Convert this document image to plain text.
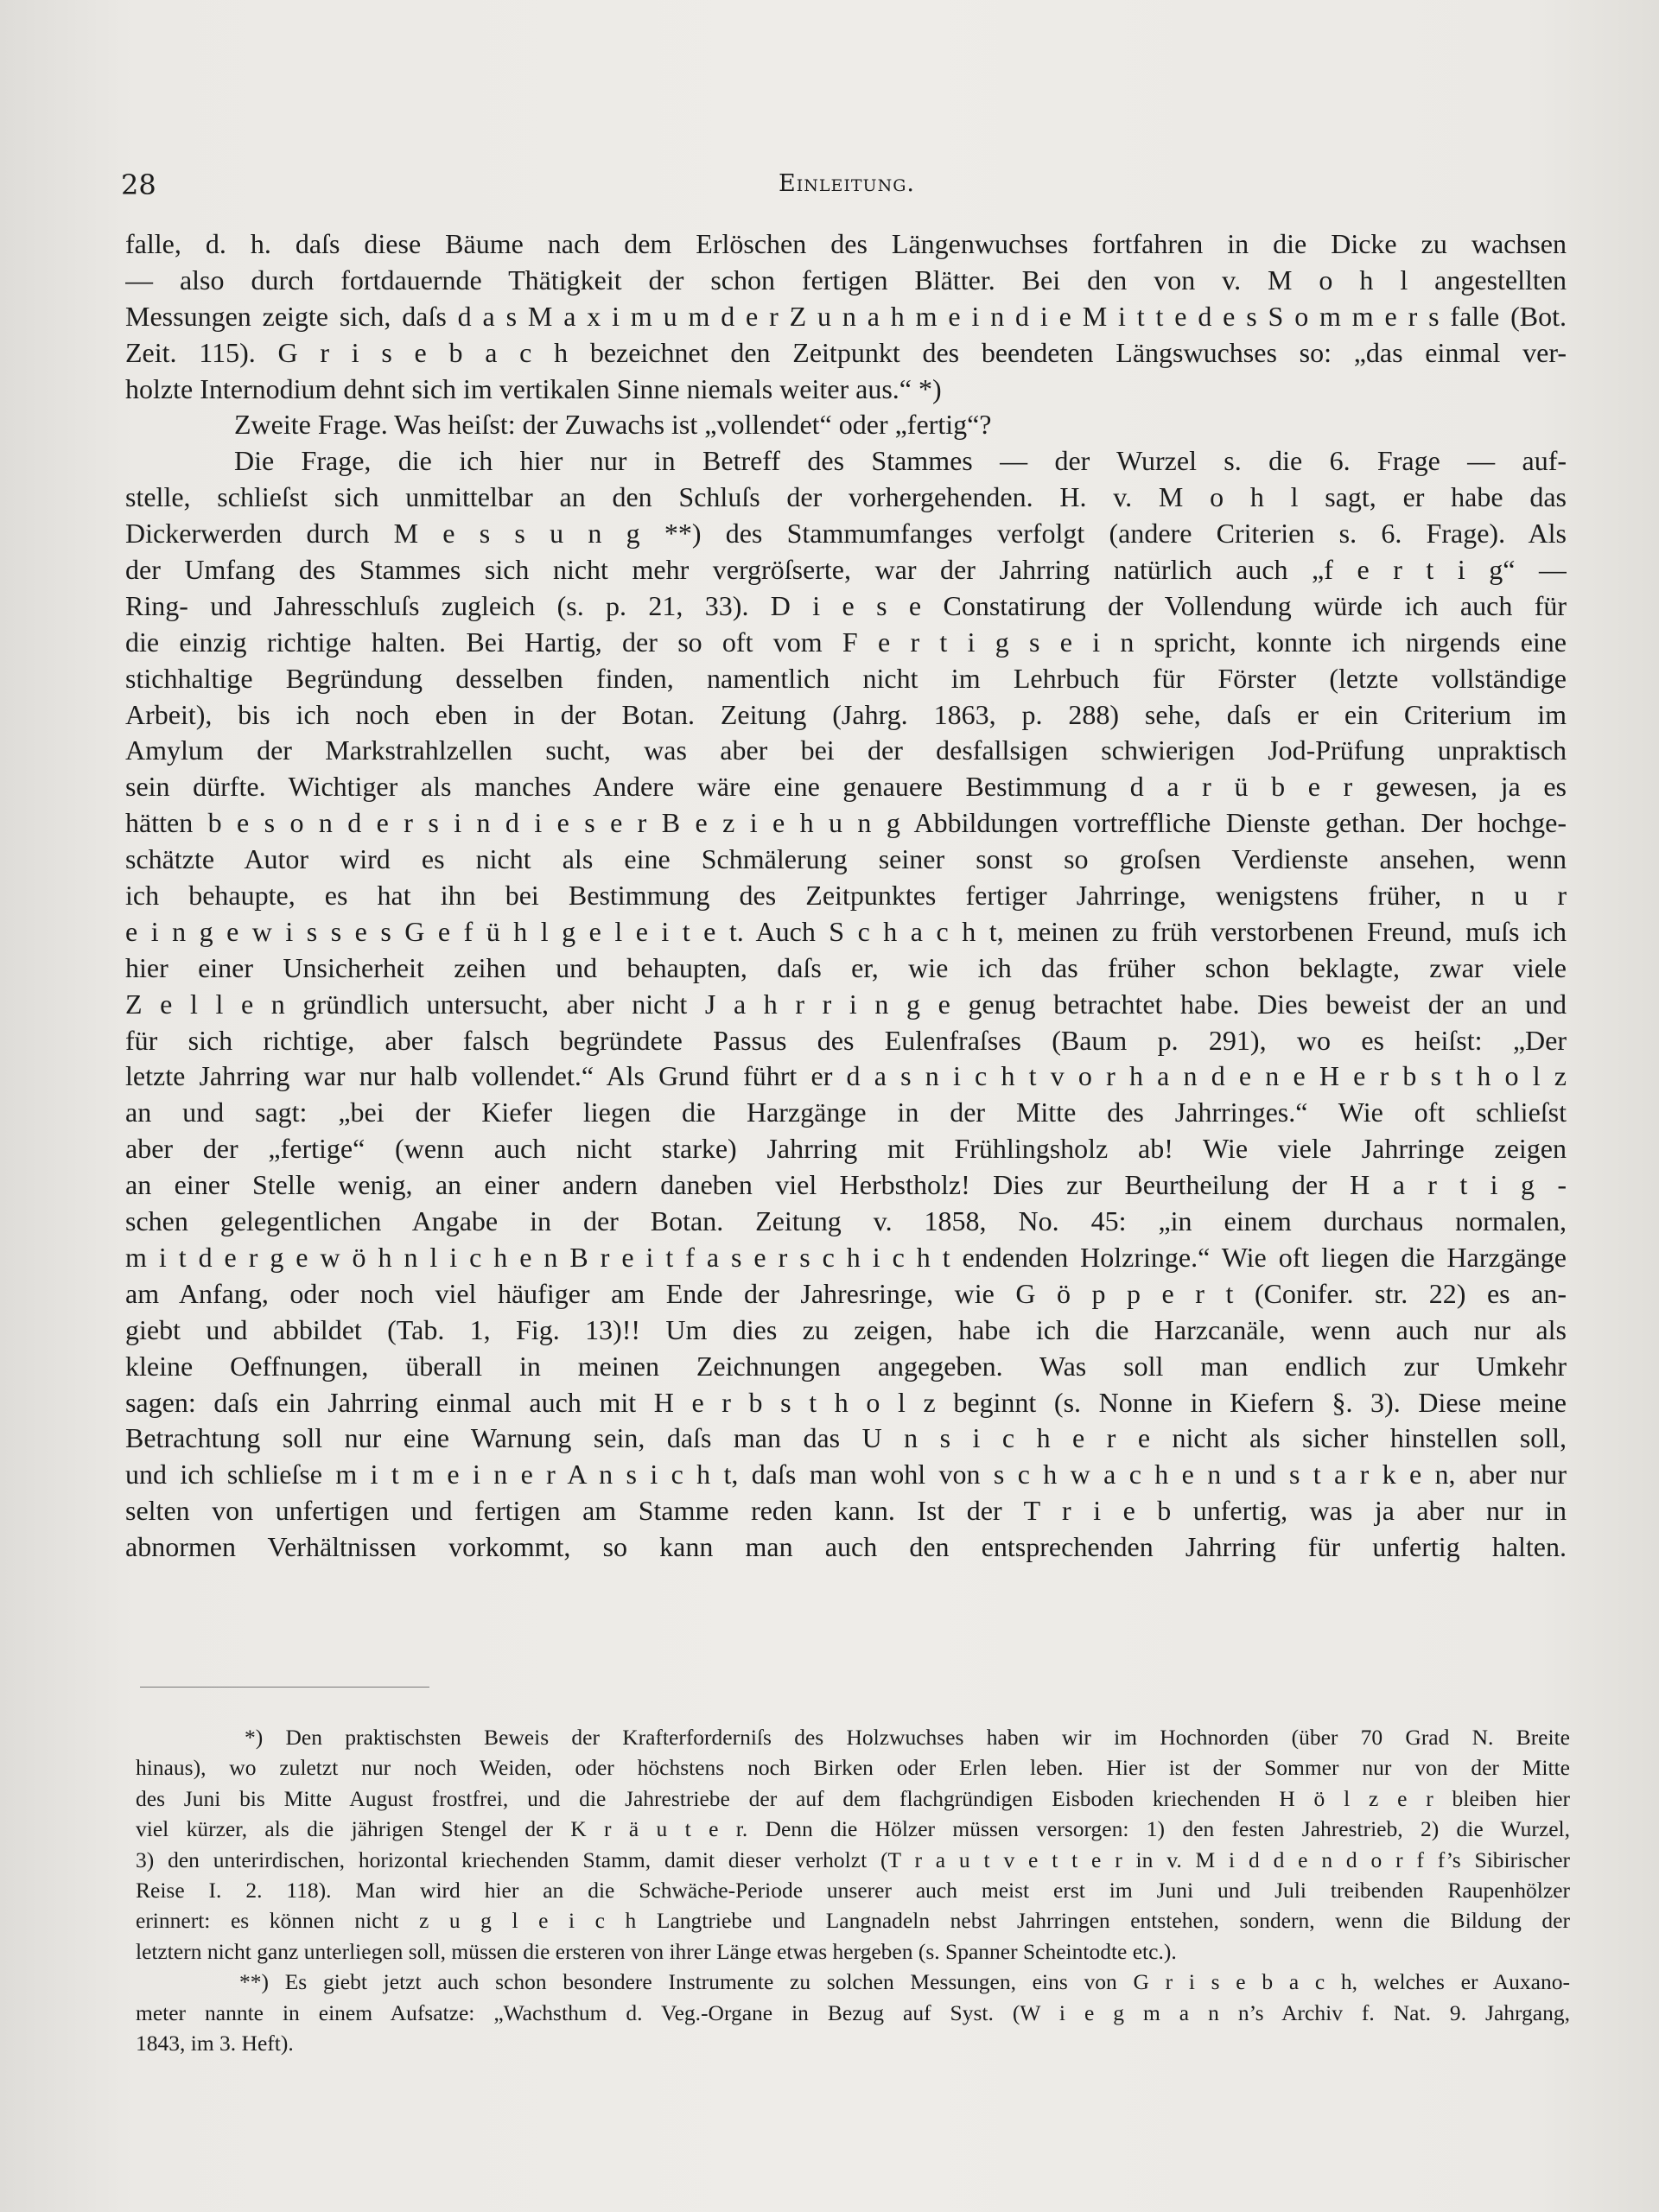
28	Einleitung.
falle, d. h. daſs diese Bäume nach dem Erlöschen des Längenwuchses fortfahren in die Dicke zu wachsen
— also durch fortdauernde Thätigkeit der schon fertigen Blätter. Bei den von v. M o h l angestellten
Messungen zeigte sich, daſs d a s M a x i m u m d e r Z u n a h m e i n d i e M i t t e d e s S o m m e r s falle (Bot.
Zeit. 115). G r i s e b a c h bezeichnet den Zeitpunkt des beendeten Längswuchses so: „das einmal ver-
holzte Internodium dehnt sich im vertikalen Sinne niemals weiter aus.“ *)
Zweite Frage. Was heiſst: der Zuwachs ist „vollendet“ oder „fertig“?
Die Frage, die ich hier nur in Betreff des Stammes — der Wurzel s. die 6. Frage — auf-
stelle, schlieſst sich unmittelbar an den Schluſs der vorhergehenden. H. v. M o h l sagt, er habe das
Dickerwerden durch M e s s u n g **) des Stammumfanges verfolgt (andere Criterien s. 6. Frage). Als
der Umfang des Stammes sich nicht mehr vergröſserte, war der Jahrring natürlich auch „f e r t i g“ —
Ring- und Jahresschluſs zugleich (s. p. 21, 33). D i e s e Constatirung der Vollendung würde ich auch für
die einzig richtige halten. Bei Hartig, der so oft vom F e r t i g s e i n spricht, konnte ich nirgends eine
stichhaltige Begründung desselben finden, namentlich nicht im Lehrbuch für Förster (letzte vollständige
Arbeit), bis ich noch eben in der Botan. Zeitung (Jahrg. 1863, p. 288) sehe, daſs er ein Criterium im
Amylum der Markstrahlzellen sucht, was aber bei der desfallsigen schwierigen Jod-Prüfung unpraktisch
sein dürfte. Wichtiger als manches Andere wäre eine genauere Bestimmung d a r ü b e r gewesen, ja es
hätten b e s o n d e r s i n d i e s e r B e z i e h u n g Abbildungen vortreffliche Dienste gethan. Der hochge-
schätzte Autor wird es nicht als eine Schmälerung seiner sonst so groſsen Verdienste ansehen, wenn
ich behaupte, es hat ihn bei Bestimmung des Zeitpunktes fertiger Jahrringe, wenigstens früher, n u r
e i n g e w i s s e s G e f ü h l g e l e i t e t. Auch S c h a c h t, meinen zu früh verstorbenen Freund, muſs ich
hier einer Unsicherheit zeihen und behaupten, daſs er, wie ich das früher schon beklagte, zwar viele
Z e l l e n gründlich untersucht, aber nicht J a h r r i n g e genug betrachtet habe. Dies beweist der an und
für sich richtige, aber falsch begründete Passus des Eulenfraſses (Baum p. 291), wo es heiſst: „Der
letzte Jahrring war nur halb vollendet.“ Als Grund führt er d a s n i c h t v o r h a n d e n e H e r b s t h o l z
an und sagt: „bei der Kiefer liegen die Harzgänge in der Mitte des Jahrringes.“ Wie oft schlieſst
aber der „fertige“ (wenn auch nicht starke) Jahrring mit Frühlingsholz ab! Wie viele Jahrringe zeigen
an einer Stelle wenig, an einer andern daneben viel Herbstholz! Dies zur Beurtheilung der H a r t i g -
schen gelegentlichen Angabe in der Botan. Zeitung v. 1858, No. 45: „in einem durchaus normalen,
m i t d e r g e w ö h n l i c h e n B r e i t f a s e r s c h i c h t endenden Holzringe.“ Wie oft liegen die Harzgänge
am Anfang, oder noch viel häufiger am Ende der Jahresringe, wie G ö p p e r t (Conifer. str. 22) es an-
giebt und abbildet (Tab. 1, Fig. 13)!! Um dies zu zeigen, habe ich die Harzcanäle, wenn auch nur als
kleine Oeffnungen, überall in meinen Zeichnungen angegeben. Was soll man endlich zur Umkehr
sagen: daſs ein Jahrring einmal auch mit H e r b s t h o l z beginnt (s. Nonne in Kiefern §. 3). Diese meine
Betrachtung soll nur eine Warnung sein, daſs man das U n s i c h e r e nicht als sicher hinstellen soll,
und ich schlieſse m i t m e i n e r A n s i c h t, daſs man wohl von s c h w a c h e n und s t a r k e n, aber nur
selten von unfertigen und fertigen am Stamme reden kann. Ist der T r i e b unfertig, was ja aber nur in
abnormen Verhältnissen vorkommt, so kann man auch den entsprechenden Jahrring für unfertig halten.
*) Den praktischsten Beweis der Krafterforderniſs des Holzwuchses haben wir im Hochnorden (über 70 Grad N. Breite
hinaus), wo zuletzt nur noch Weiden, oder höchstens noch Birken oder Erlen leben. Hier ist der Sommer nur von der Mitte
des Juni bis Mitte August frostfrei, und die Jahrestriebe der auf dem flachgründigen Eisboden kriechenden H ö l z e r bleiben hier
viel kürzer, als die jährigen Stengel der K r ä u t e r. Denn die Hölzer müssen versorgen: 1) den festen Jahrestrieb, 2) die Wurzel,
3) den unterirdischen, horizontal kriechenden Stamm, damit dieser verholzt (T r a u t v e t t e r in v. M i d d e n d o r f f’s Sibirischer
Reise I. 2. 118). Man wird hier an die Schwäche-Periode unserer auch meist erst im Juni und Juli treibenden Raupenhölzer
erinnert: es können nicht z u g l e i c h Langtriebe und Langnadeln nebst Jahrringen entstehen, sondern, wenn die Bildung der
letztern nicht ganz unterliegen soll, müssen die ersteren von ihrer Länge etwas hergeben (s. Spanner Scheintodte etc.).
**) Es giebt jetzt auch schon besondere Instrumente zu solchen Messungen, eins von G r i s e b a c h, welches er Auxano-
meter nannte in einem Aufsatze: „Wachsthum d. Veg.-Organe in Bezug auf Syst. (W i e g m a n n’s Archiv f. Nat. 9. Jahrgang,
1843, im 3. Heft).
